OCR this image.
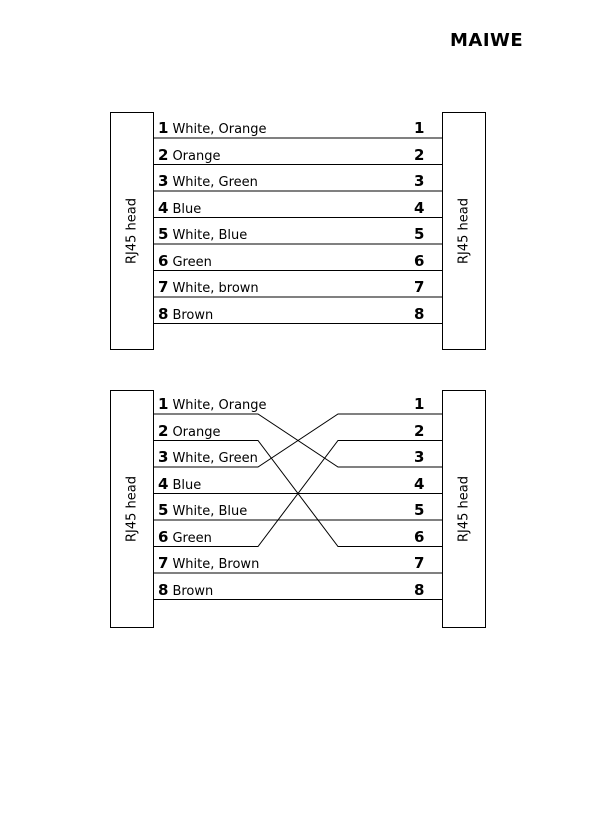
MAIWE
RJ45 head	RJ45 head
RJ45 head	RJ45 head
1 White, Orange
2 Orange
3 White, Green
4 Blue
5 White, Blue
6 Green
7 White, brown
8 Brown
1
2
3
4
5
6
7
8
1 White, Orange
2 Orange
3 White, Green
4 Blue
5 White, Blue
6 Green
7 White, Brown
8 Brown
1
2
3
4
5
6
7
8
